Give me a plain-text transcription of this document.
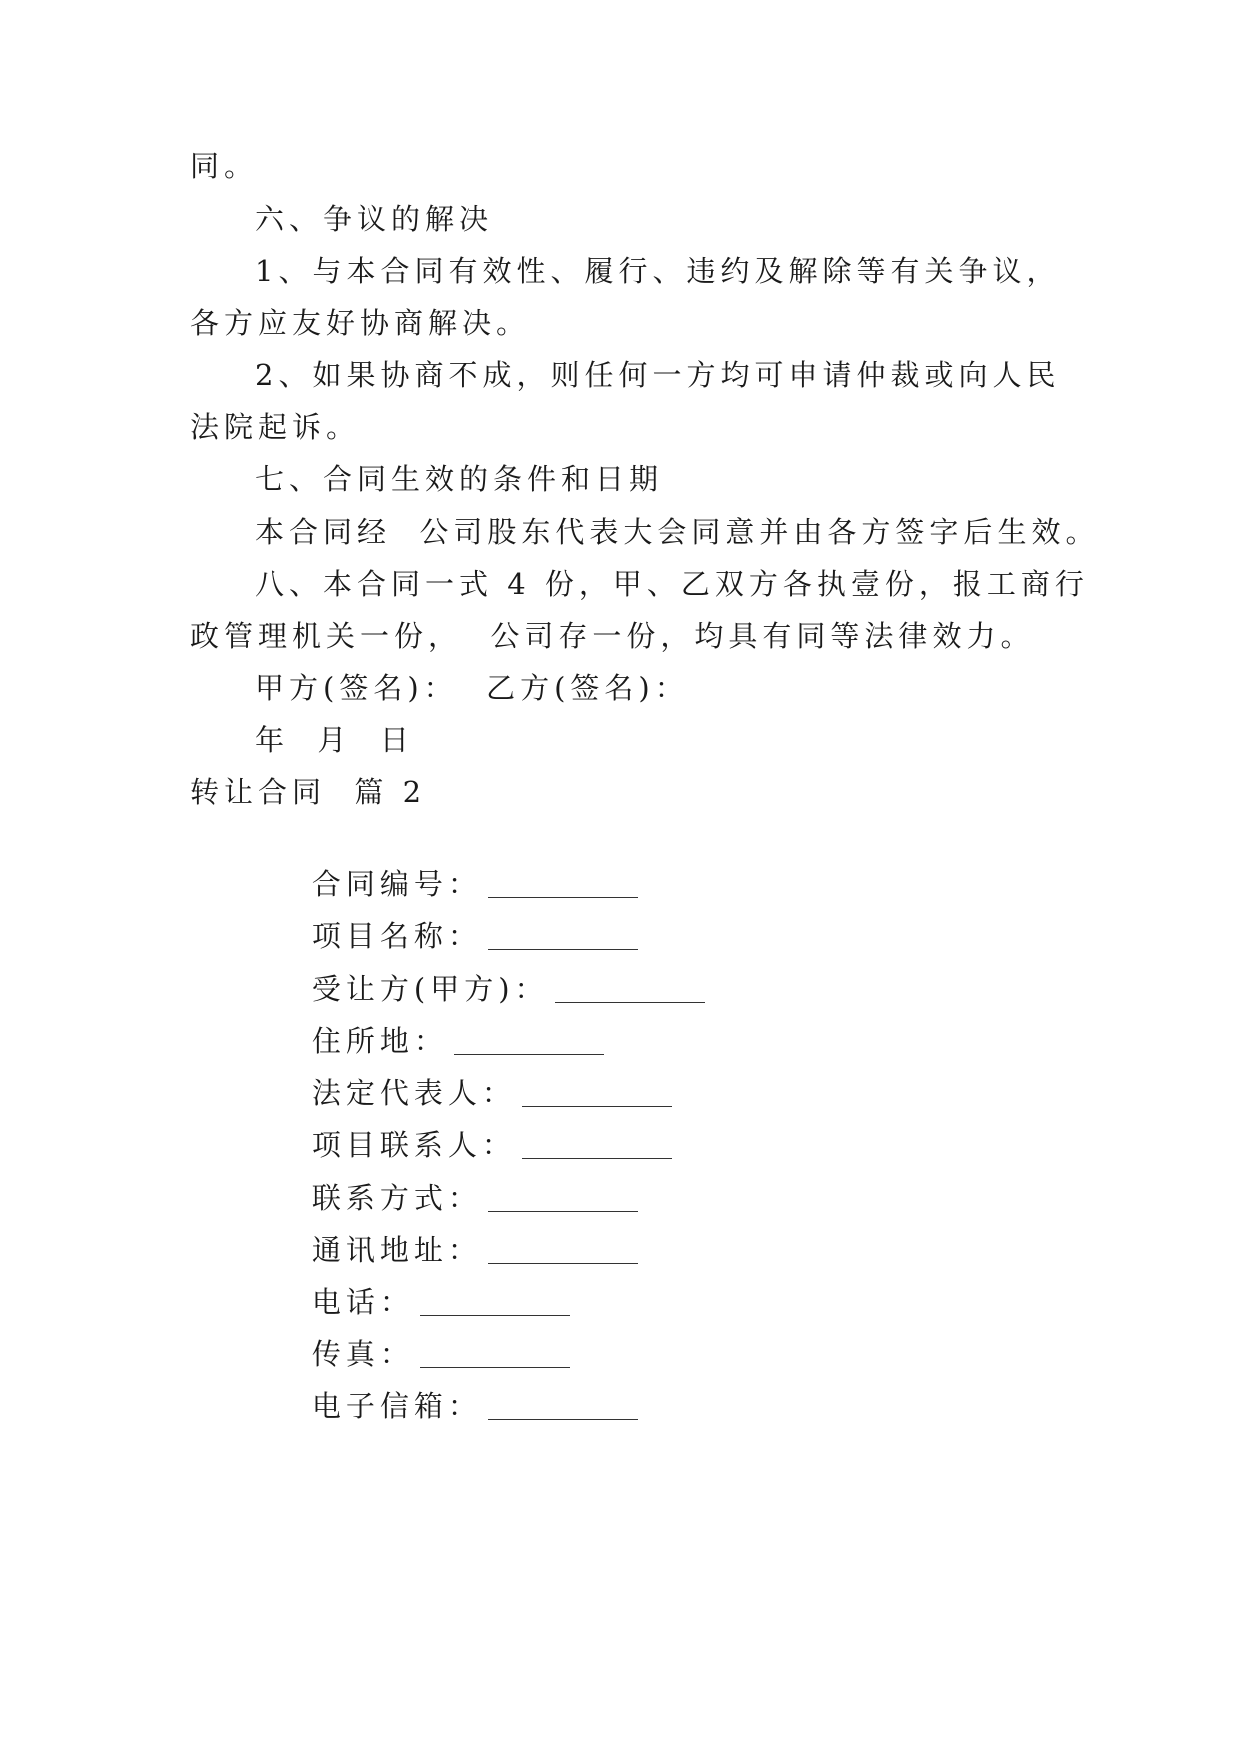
同。
六、争议的解决
1、与本合同有效性、履行、违约及解除等有关争议，
各方应友好协商解决。
2、如果协商不成，则任何一方均可申请仲裁或向人民
法院起诉。
七、合同生效的条件和日期
本合同经  公司股东代表大会同意并由各方签字后生效。
八、本合同一式 4 份，甲、乙双方各执壹份，报工商行
政管理机关一份，  公司存一份，均具有同等法律效力。
甲方(签名)：  乙方(签名)：
年  月  日
转让合同  篇 2

合同编号：

项目名称：

受让方(甲方)：

住所地：

法定代表人：

项目联系人：

联系方式：

通讯地址：

电话：

传真：

电子信箱：
